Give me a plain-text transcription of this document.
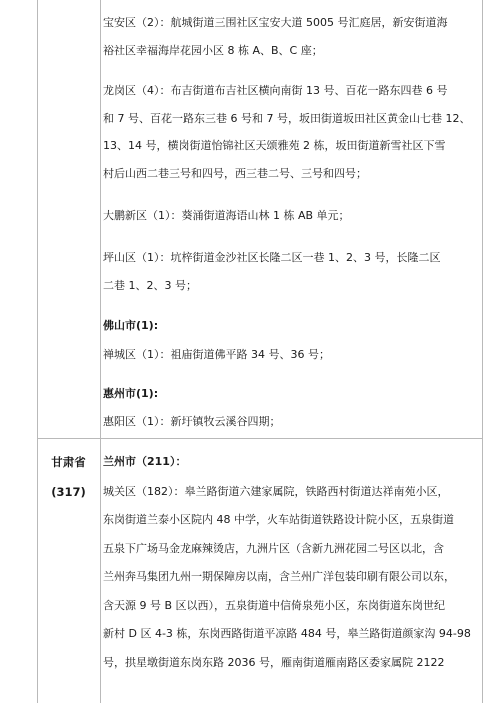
甘肃省
(317)
宝安区（2）：航城街道三围社区宝安大道 5005 号汇庭居，新安街道海
裕社区幸福海岸花园小区 8 栋 A、B、C 座；
龙岗区（4）：布吉街道布吉社区横向南街 13 号、百花一路东四巷 6 号
和 7 号、百花一路东三巷 6 号和 7 号，坂田街道坂田社区黄金山七巷 12、
13、14 号，横岗街道怡锦社区天颂雅苑 2 栋，坂田街道新雪社区下雪
村后山西二巷三号和四号，西三巷二号、三号和四号；
大鹏新区（1）：葵涌街道海语山林 1 栋 AB 单元；
坪山区（1）：坑梓街道金沙社区长隆二区一巷 1、2、3 号，长隆二区
二巷 1、2、3 号；
佛山市(1):
禅城区（1）：祖庙街道佛平路 34 号、36 号；
惠州市(1):
惠阳区（1）：新圩镇牧云溪谷四期；
兰州市（211）：
城关区（182）：皋兰路街道六建家属院，铁路西村街道达祥南苑小区，
东岗街道兰泰小区院内 48 中学，火车站街道铁路设计院小区，五泉街道
五泉下广场马金龙麻辣烫店，九洲片区（含新九洲花园二号区以北，含
兰州奔马集团九州一期保障房以南，含兰州广洋包装印刷有限公司以东，
含天源 9 号 B 区以西），五泉街道中信倚泉苑小区，东岗街道东岗世纪
新村 D 区 4-3 栋，东岗西路街道平凉路 484 号，皋兰路街道颜家沟 94-98
号，拱星墩街道东岗东路 2036 号，雁南街道雁南路区委家属院 2122
